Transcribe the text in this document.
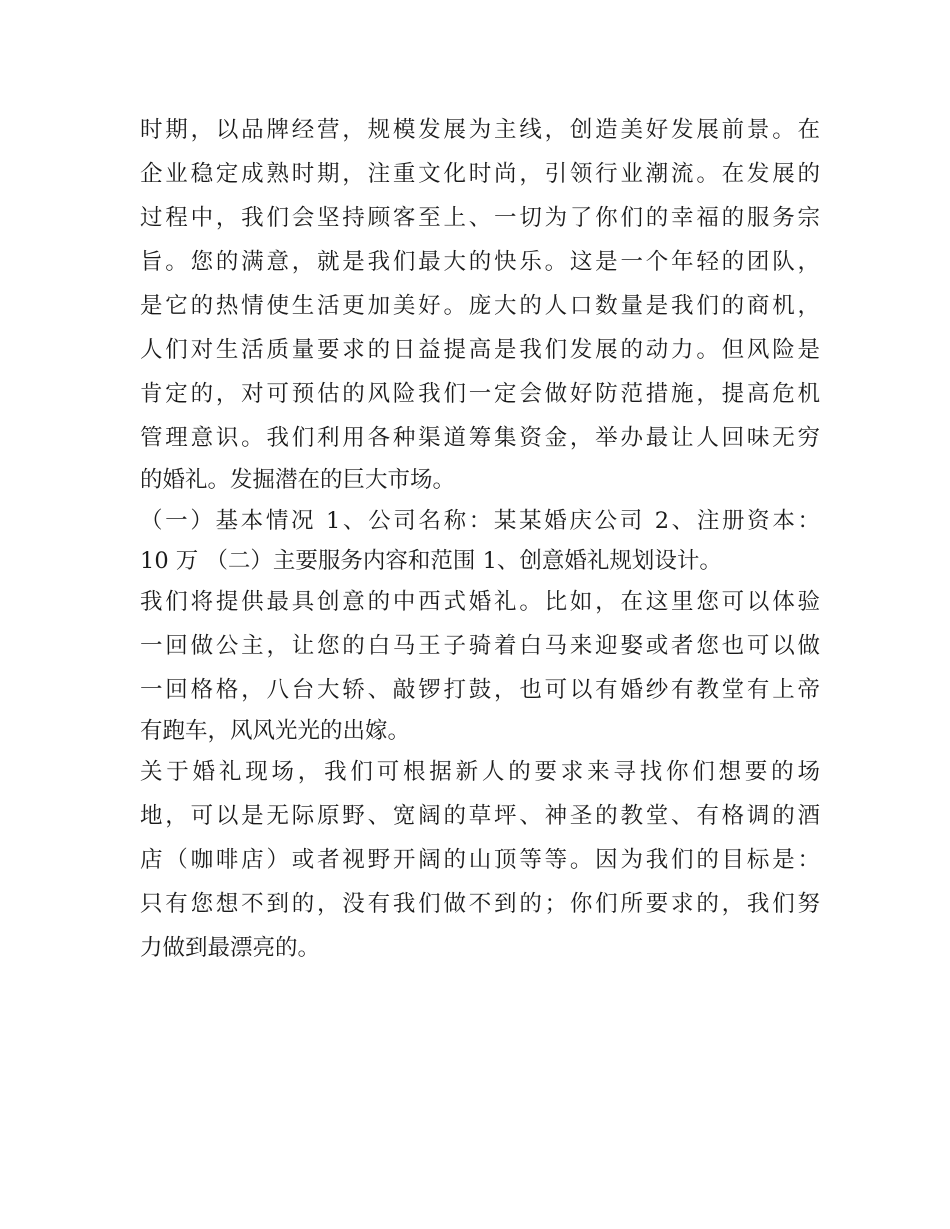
时期，以品牌经营，规模发展为主线，创造美好发展前景。在
企业稳定成熟时期，注重文化时尚，引领行业潮流。在发展的
过程中，我们会坚持顾客至上、一切为了你们的幸福的服务宗
旨。您的满意，就是我们最大的快乐。这是一个年轻的团队，
是它的热情使生活更加美好。庞大的人口数量是我们的商机，
人们对生活质量要求的日益提高是我们发展的动力。但风险是
肯定的，对可预估的风险我们一定会做好防范措施，提高危机
管理意识。我们利用各种渠道筹集资金，举办最让人回味无穷
的婚礼。发掘潜在的巨大市场。
（一）基本情况 1、公司名称：某某婚庆公司 2、注册资本：
10 万 （二）主要服务内容和范围 1、创意婚礼规划设计。
我们将提供最具创意的中西式婚礼。比如，在这里您可以体验
一回做公主，让您的白马王子骑着白马来迎娶或者您也可以做
一回格格，八台大轿、敲锣打鼓，也可以有婚纱有教堂有上帝
有跑车，风风光光的出嫁。
关于婚礼现场，我们可根据新人的要求来寻找你们想要的场
地，可以是无际原野、宽阔的草坪、神圣的教堂、有格调的酒
店（咖啡店）或者视野开阔的山顶等等。因为我们的目标是：
只有您想不到的，没有我们做不到的；你们所要求的，我们努
力做到最漂亮的。
